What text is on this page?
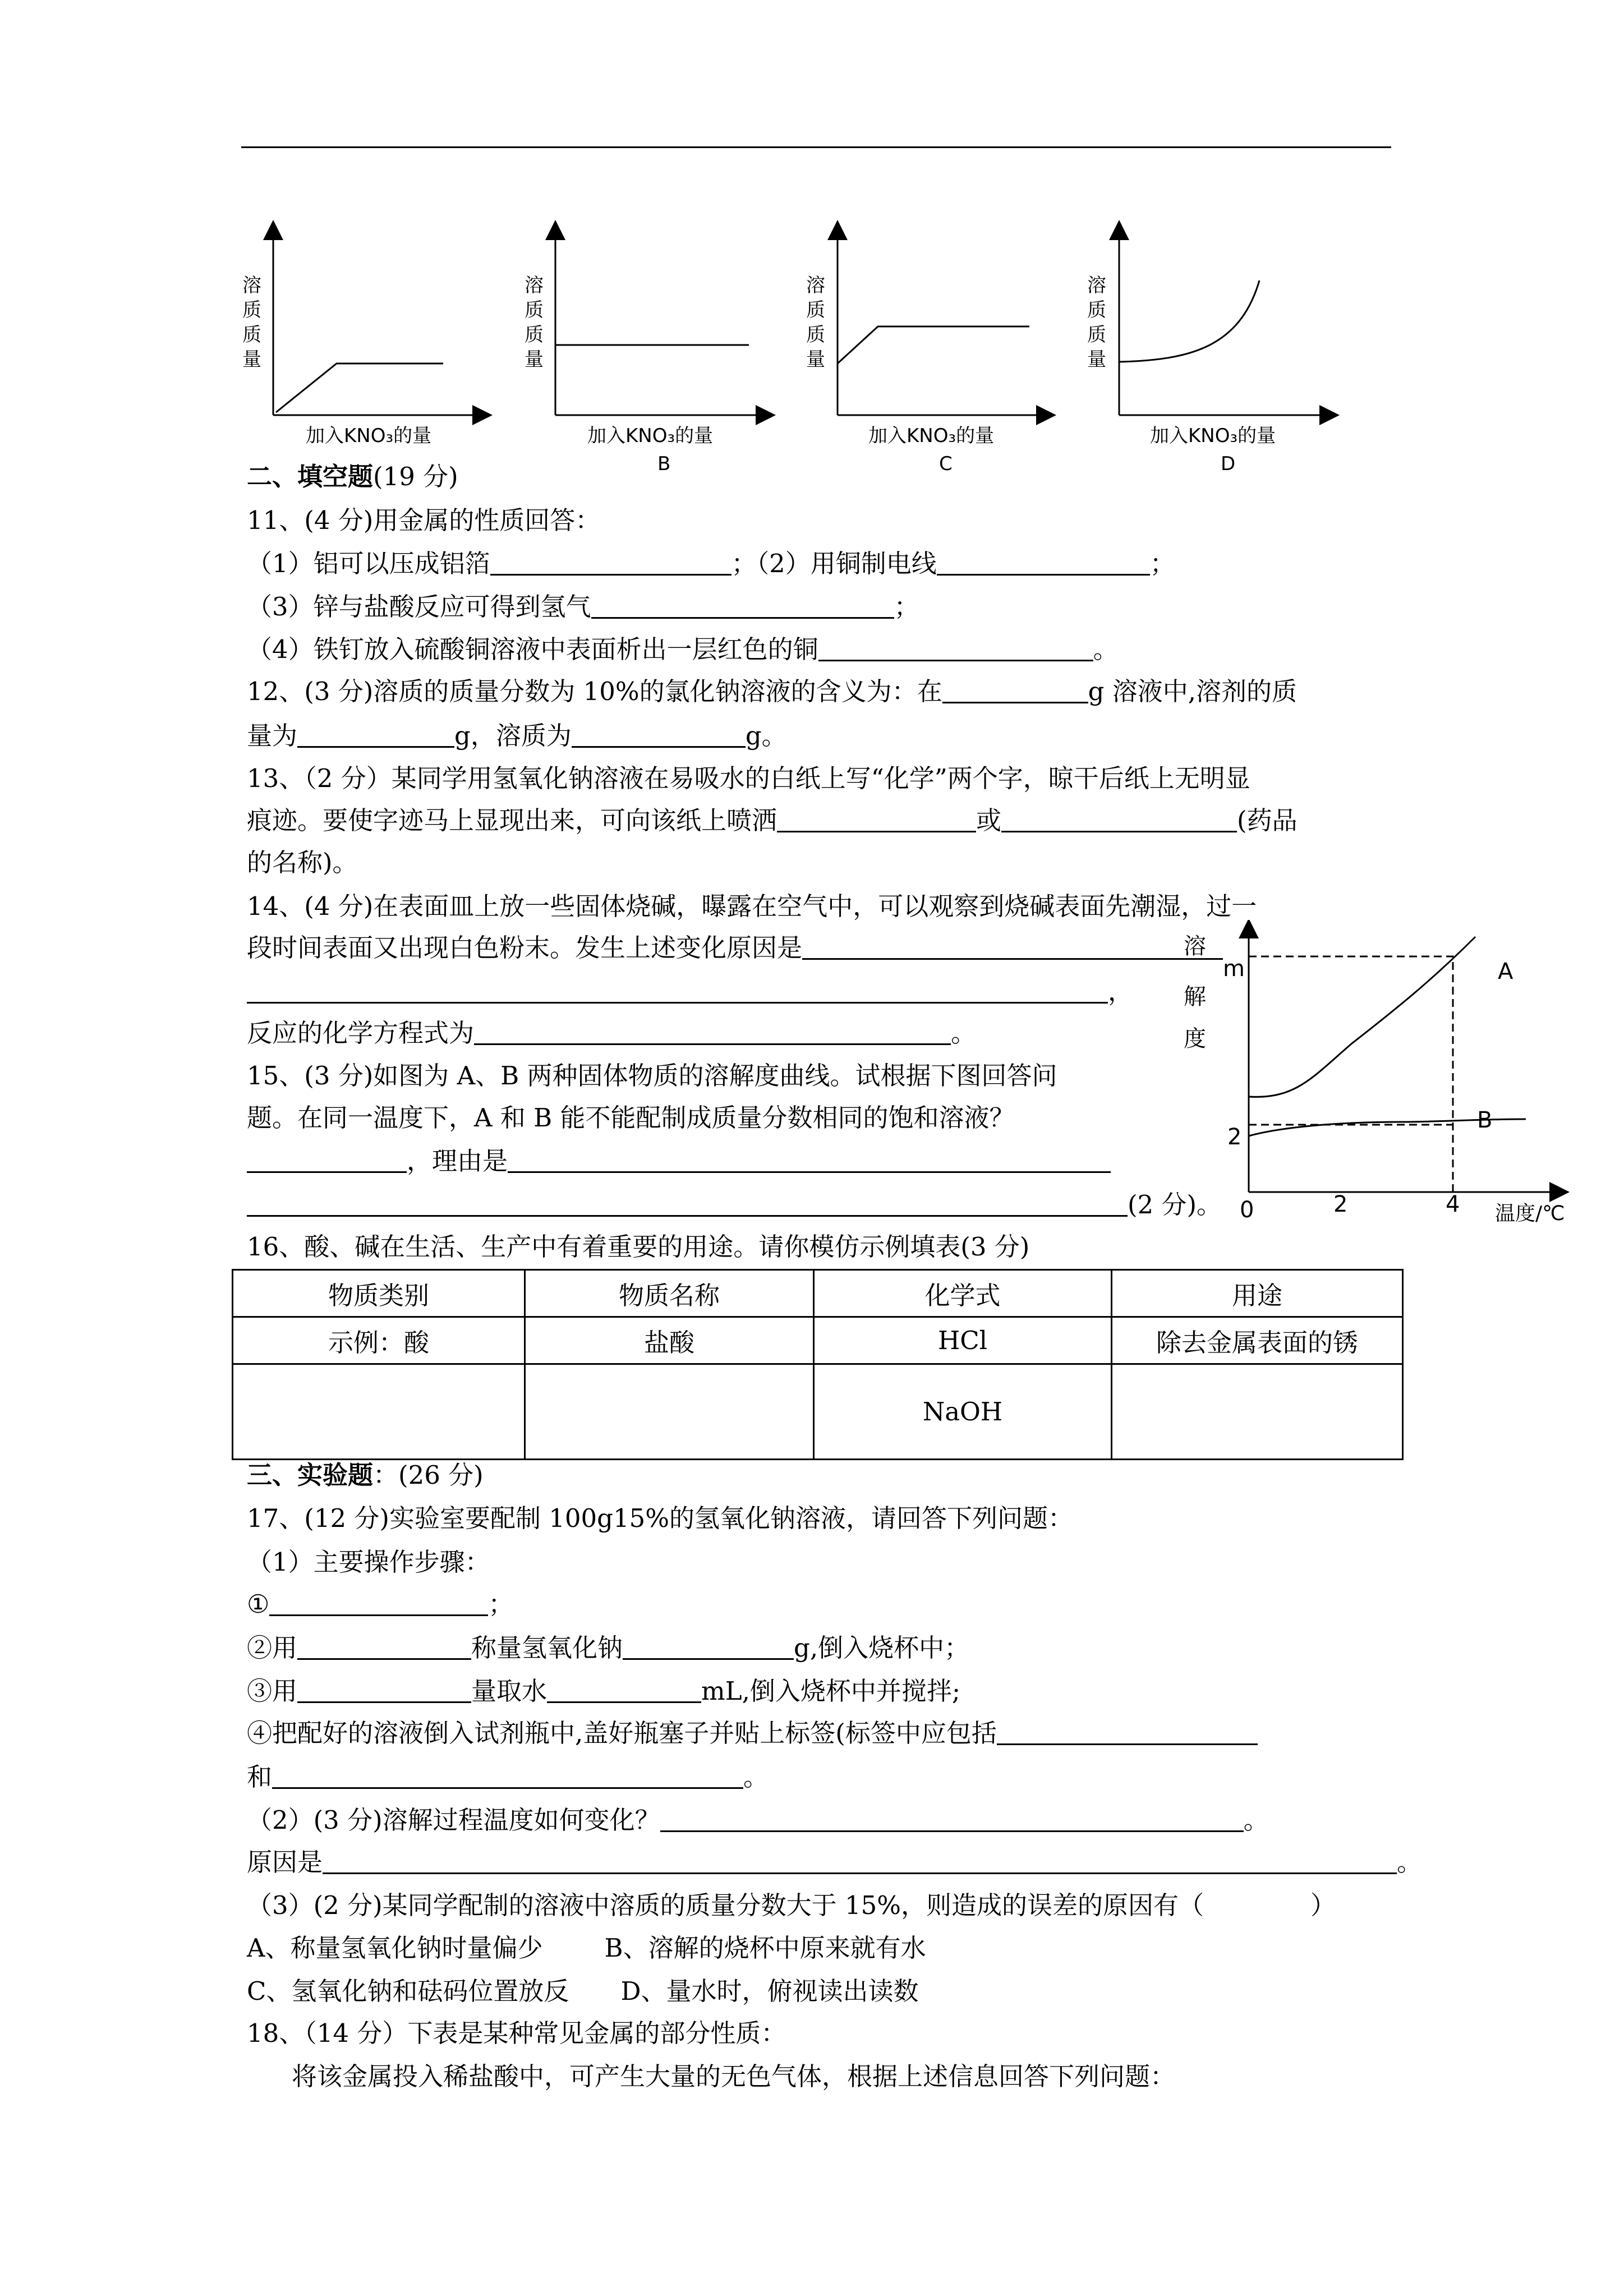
溶
质
质
量
加入KNO₃的量
溶
质
质
量
加入KNO₃的量
B
溶
质
质
量
加入KNO₃的量
C
溶
质
质
量
加入KNO₃的量
D
二、填空题(19 分)
11、(4 分)用金属的性质回答：
（1）铝可以压成铝箔	；（2）用铜制电线	；
（3）锌与盐酸反应可得到氢气	；
（4）铁钉放入硫酸铜溶液中表面析出一层红色的铜	。
12、(3 分)溶质的质量分数为 10%的氯化钠溶液的含义为：在	g 溶液中,溶剂的质
量为	g，溶质为	g。
13、（2 分）某同学用氢氧化钠溶液在易吸水的白纸上写“化学”两个字，晾干后纸上无明显
痕迹。要使字迹马上显现出来，可向该纸上喷洒	或	(药品
的名称)。
14、(4 分)在表面皿上放一些固体烧碱，曝露在空气中，可以观察到烧碱表面先潮湿，过一
段时间表面又出现白色粉末。发生上述变化原因是
，
反应的化学方程式为	。
15、(3 分)如图为 A、B 两种固体物质的溶解度曲线。试根据下图回答问
题。在同一温度下，A 和 B 能不能配制成质量分数相同的饱和溶液？
，理由是
(2 分)。
溶
解
度
m
2
0	2	4
A
B
温度/℃
16、酸、碱在生活、生产中有着重要的用途。请你模仿示例填表(3 分)
物质类别	物质名称	化学式	用途
示例：酸	盐酸	HCl	除去金属表面的锈
		NaOH	
三、实验题：(26 分)
17、(12 分)实验室要配制 100g15%的氢氧化钠溶液，请回答下列问题：
（1）主要操作步骤：
①	；
②用	称量氢氧化钠	g,倒入烧杯中；
③用	量取水	mL,倒入烧杯中并搅拌;
④把配好的溶液倒入试剂瓶中,盖好瓶塞子并贴上标签(标签中应包括
和	。
（2）(3 分)溶解过程温度如何变化？	。
原因是	。
（3）(2 分)某同学配制的溶液中溶质的质量分数大于 15%，则造成的误差的原因有（	）
A、称量氢氧化钠时量偏少 B、溶解的烧杯中原来就有水
C、氢氧化钠和砝码位置放反 D、量水时，俯视读出读数
18、（14 分）下表是某种常见金属的部分性质：
将该金属投入稀盐酸中，可产生大量的无色气体，根据上述信息回答下列问题：
